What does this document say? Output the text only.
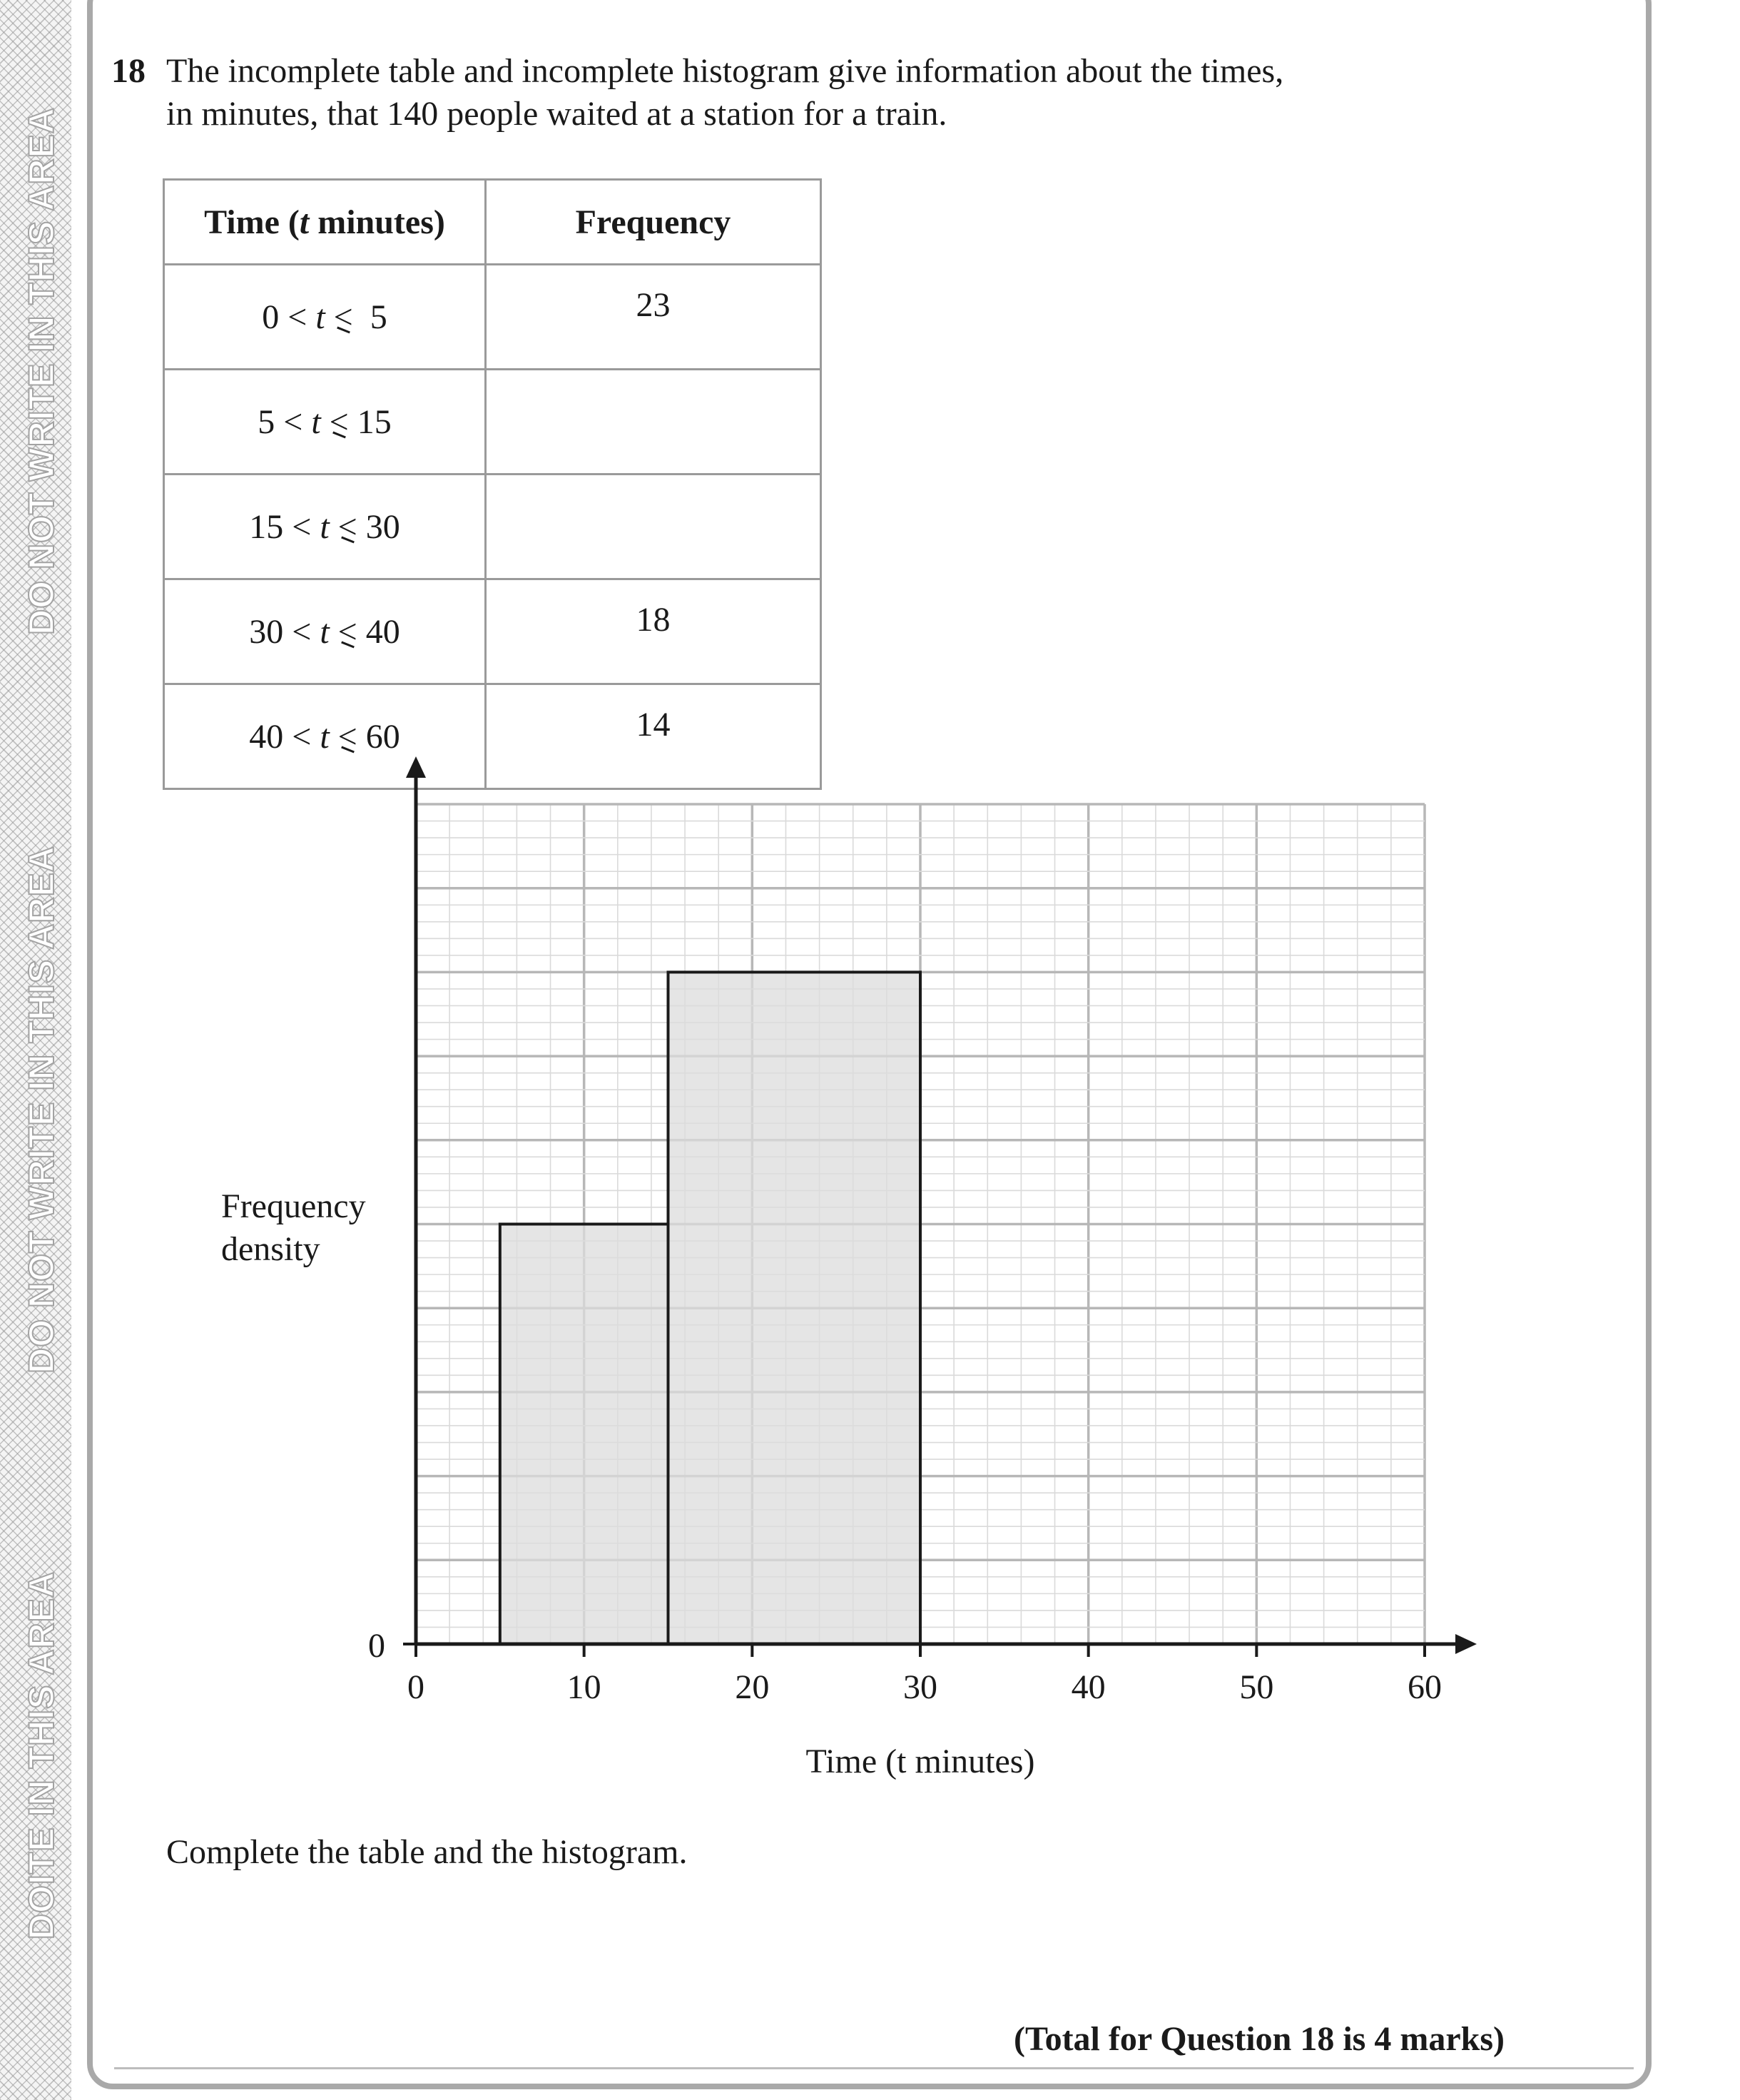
DO NOT WRITE IN THIS AREA
DO NOT WRITE IN THIS AREA
DOITE IN THIS AREA
18 The incomplete table and incomplete histogram give information about the times,
in minutes, that 140 people waited at a station for a train.
Time (t minutes)	Frequency
0 < t < 5	23
5 < t < 15	
15 < t < 30	
30 < t < 40	18
40 < t < 60	14
0	10	20	30	40	50	60
0
Time (t minutes)
Frequency density
Complete the table and the histogram.
(Total for Question 18 is 4 marks)
